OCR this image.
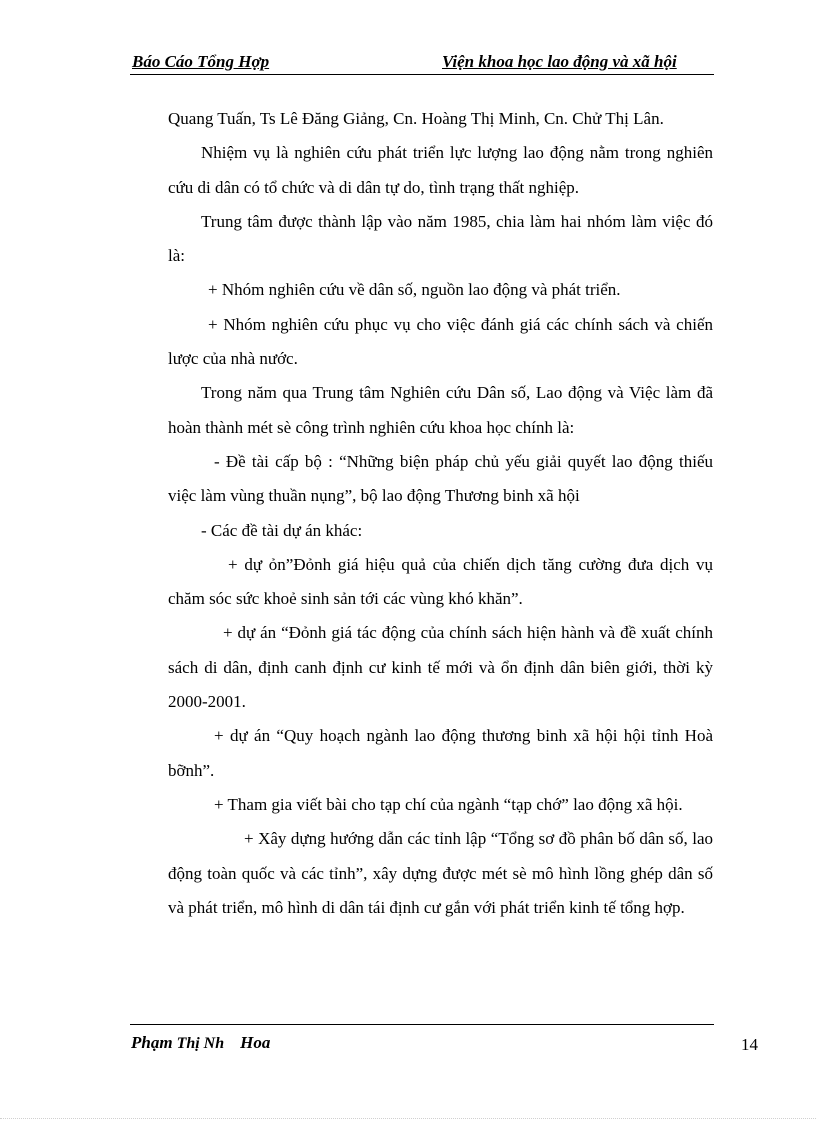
Báo Cáo Tổng Hợp	Viện khoa học lao động và xã hội

Quang Tuấn, Ts Lê Đăng Giảng, Cn. Hoàng Thị Minh, Cn. Chử Thị Lân.

Nhiệm vụ là nghiên cứu phát triển lực lượng lao động nằm trong nghiên cứu di dân có tổ chức và di dân tự do, tình trạng thất nghiệp.

Trung tâm được thành lập vào năm 1985, chia làm hai nhóm làm việc đó là:

+ Nhóm nghiên cứu về dân số, nguồn lao động và phát triển.

+ Nhóm nghiên cứu phục vụ cho việc đánh giá các chính sách và chiến lược của nhà nước.

Trong năm qua Trung tâm Nghiên cứu Dân số, Lao động và Việc làm đã hoàn thành mét sè công trình nghiên cứu khoa học chính là:

- Đề tài cấp bộ : “Những biện pháp chủ yếu giải quyết lao động thiếu việc làm vùng thuần nụng”, bộ lao động Thương binh xã hội

- Các đề tài dự án khác:

+ dự ỏn”Đỏnh giá hiệu quả của chiến dịch tăng cường đưa dịch vụ chăm sóc sức khoẻ sinh sản tới các vùng khó khăn”.

+ dự án “Đỏnh giá tác động của chính sách hiện hành và đề xuất chính sách di dân, định canh định cư kinh tế mới và ổn định dân biên giới, thời kỳ 2000-2001.

+ dự án “Quy hoạch ngành lao động thương binh xã hội hội tỉnh Hoà bỡnh”.

+ Tham gia viết bài cho tạp chí của ngành “tạp chớ” lao động xã hội.

+ Xây dựng hướng dẫn các tỉnh lập “Tổng sơ đồ phân bố dân số, lao động toàn quốc và các tỉnh”, xây dựng được mét sè mô hình lồng ghép dân số và phát triển, mô hình di dân tái định cư gắn với phát triển kinh tế tổng hợp.

Phạm Thị Nh Hoa	14
